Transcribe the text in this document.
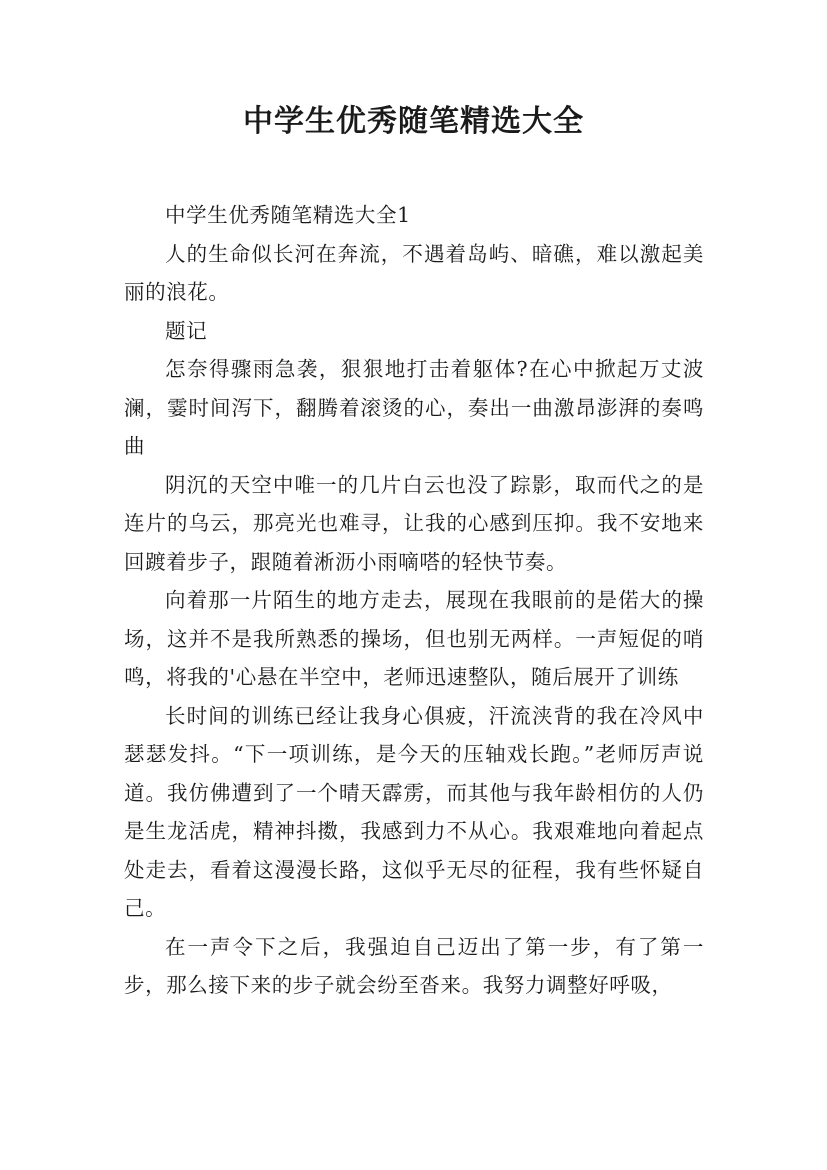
中学生优秀随笔精选大全

中学生优秀随笔精选大全1

人的生命似长河在奔流，不遇着岛屿、暗礁，难以激起美丽的浪花。

题记

怎奈得骤雨急袭，狠狠地打击着躯体?在心中掀起万丈波澜，霎时间泻下，翻腾着滚烫的心，奏出一曲激昂澎湃的奏鸣曲

阴沉的天空中唯一的几片白云也没了踪影，取而代之的是连片的乌云，那亮光也难寻，让我的心感到压抑。我不安地来回踱着步子，跟随着淅沥小雨嘀嗒的轻快节奏。

向着那一片陌生的地方走去，展现在我眼前的是偌大的操场，这并不是我所熟悉的操场，但也别无两样。一声短促的哨鸣，将我的'心悬在半空中，老师迅速整队，随后展开了训练

长时间的训练已经让我身心俱疲，汗流浃背的我在冷风中瑟瑟发抖。“下一项训练，是今天的压轴戏长跑。”老师厉声说道。我仿佛遭到了一个晴天霹雳，而其他与我年龄相仿的人仍是生龙活虎，精神抖擞，我感到力不从心。我艰难地向着起点处走去，看着这漫漫长路，这似乎无尽的征程，我有些怀疑自己。

在一声令下之后，我强迫自己迈出了第一步，有了第一步，那么接下来的步子就会纷至沓来。我努力调整好呼吸，
